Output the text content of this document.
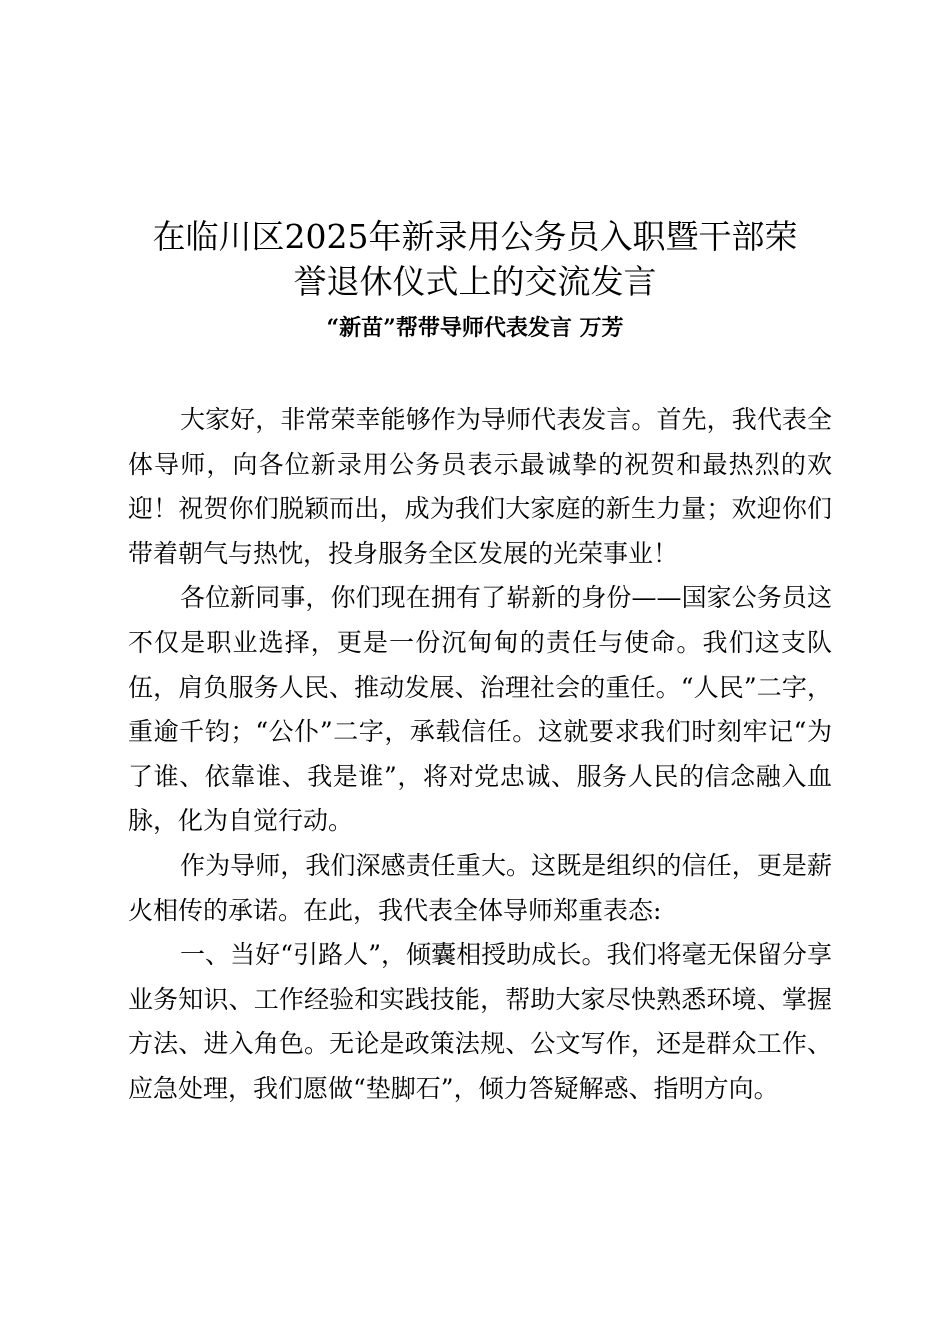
在临川区2025年新录用公务员入职暨干部荣
誉退休仪式上的交流发言
“新苗”帮带导师代表发言 万芳

大家好，非常荣幸能够作为导师代表发言。首先，我代表全体导师，向各位新录用公务员表示最诚挚的祝贺和最热烈的欢迎！祝贺你们脱颖而出，成为我们大家庭的新生力量；欢迎你们带着朝气与热忱，投身服务全区发展的光荣事业！

各位新同事，你们现在拥有了崭新的身份——国家公务员这不仅是职业选择，更是一份沉甸甸的责任与使命。我们这支队伍，肩负服务人民、推动发展、治理社会的重任。“人民”二字，重逾千钧；“公仆”二字，承载信任。这就要求我们时刻牢记“为了谁、依靠谁、我是谁”，将对党忠诚、服务人民的信念融入血脉，化为自觉行动。

作为导师，我们深感责任重大。这既是组织的信任，更是薪火相传的承诺。在此，我代表全体导师郑重表态:

一、当好“引路人”，倾囊相授助成长。我们将毫无保留分享业务知识、工作经验和实践技能，帮助大家尽快熟悉环境、掌握方法、进入角色。无论是政策法规、公文写作，还是群众工作、应急处理，我们愿做“垫脚石”，倾力答疑解惑、指明方向。
